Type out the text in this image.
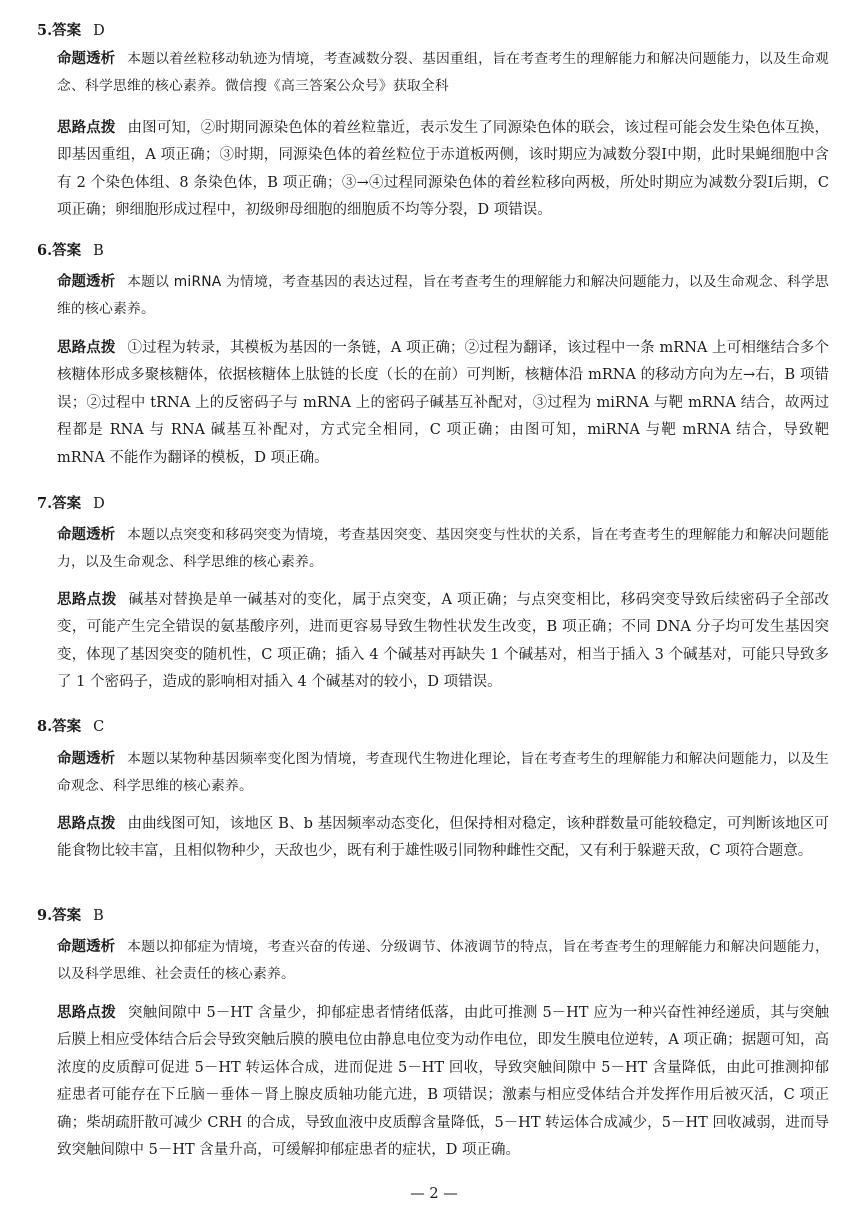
5.答案 D
命题透析 本题以着丝粒移动轨迹为情境，考查减数分裂、基因重组，旨在考查考生的理解能力和解决问题能力，以及生命观念、科学思维的核心素养。微信搜《高三答案公众号》获取全科
思路点拨 由图可知，②时期同源染色体的着丝粒靠近，表示发生了同源染色体的联会，该过程可能会发生染色体互换，即基因重组，A 项正确；③时期，同源染色体的着丝粒位于赤道板两侧，该时期应为减数分裂Ⅰ中期，此时果蝇细胞中含有 2 个染色体组、8 条染色体，B 项正确；③→④过程同源染色体的着丝粒移向两极，所处时期应为减数分裂Ⅰ后期，C 项正确；卵细胞形成过程中，初级卵母细胞的细胞质不均等分裂，D 项错误。
6.答案 B
命题透析 本题以 miRNA 为情境，考查基因的表达过程，旨在考查考生的理解能力和解决问题能力，以及生命观念、科学思维的核心素养。
思路点拨 ①过程为转录，其模板为基因的一条链，A 项正确；②过程为翻译，该过程中一条 mRNA 上可相继结合多个核糖体形成多聚核糖体，依据核糖体上肽链的长度（长的在前）可判断，核糖体沿 mRNA 的移动方向为左→右，B 项错误；②过程中 tRNA 上的反密码子与 mRNA 上的密码子碱基互补配对，③过程为 miRNA 与靶 mRNA 结合，故两过程都是 RNA 与 RNA 碱基互补配对，方式完全相同，C 项正确；由图可知，miRNA 与靶 mRNA 结合，导致靶 mRNA 不能作为翻译的模板，D 项正确。
7.答案 D
命题透析 本题以点突变和移码突变为情境，考查基因突变、基因突变与性状的关系，旨在考查考生的理解能力和解决问题能力，以及生命观念、科学思维的核心素养。
思路点拨 碱基对替换是单一碱基对的变化，属于点突变，A 项正确；与点突变相比，移码突变导致后续密码子全部改变，可能产生完全错误的氨基酸序列，进而更容易导致生物性状发生改变，B 项正确；不同 DNA 分子均可发生基因突变，体现了基因突变的随机性，C 项正确；插入 4 个碱基对再缺失 1 个碱基对，相当于插入 3 个碱基对，可能只导致多了 1 个密码子，造成的影响相对插入 4 个碱基对的较小，D 项错误。
8.答案 C
命题透析 本题以某物种基因频率变化图为情境，考查现代生物进化理论，旨在考查考生的理解能力和解决问题能力，以及生命观念、科学思维的核心素养。
思路点拨 由曲线图可知，该地区 B、b 基因频率动态变化，但保持相对稳定，该种群数量可能较稳定，可判断该地区可能食物比较丰富，且相似物种少，天敌也少，既有利于雄性吸引同物种雌性交配，又有利于躲避天敌，C 项符合题意。
9.答案 B
命题透析 本题以抑郁症为情境，考查兴奋的传递、分级调节、体液调节的特点，旨在考查考生的理解能力和解决问题能力，以及科学思维、社会责任的核心素养。
思路点拨 突触间隙中 5－HT 含量少，抑郁症患者情绪低落，由此可推测 5－HT 应为一种兴奋性神经递质，其与突触后膜上相应受体结合后会导致突触后膜的膜电位由静息电位变为动作电位，即发生膜电位逆转，A 项正确；据题可知，高浓度的皮质醇可促进 5－HT 转运体合成，进而促进 5－HT 回收，导致突触间隙中 5－HT 含量降低，由此可推测抑郁症患者可能存在下丘脑－垂体－肾上腺皮质轴功能亢进，B 项错误；激素与相应受体结合并发挥作用后被灭活，C 项正确；柴胡疏肝散可减少 CRH 的合成，导致血液中皮质醇含量降低，5－HT 转运体合成减少，5－HT 回收减弱，进而导致突触间隙中 5－HT 含量升高，可缓解抑郁症患者的症状，D 项正确。
— 2 —
